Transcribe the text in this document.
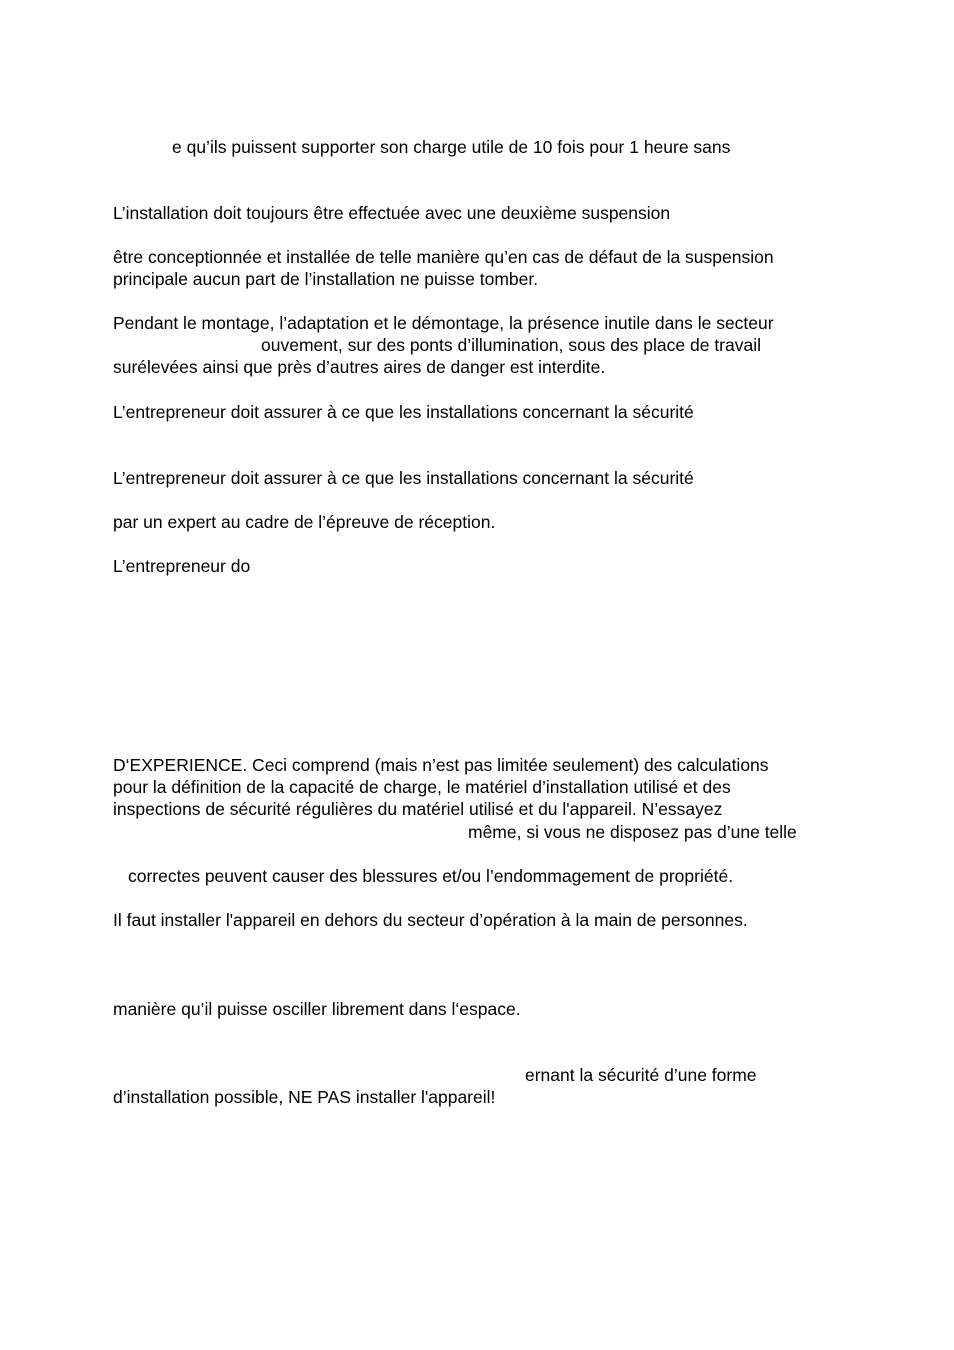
e qu’ils puissent supporter son charge utile de 10 fois pour 1 heure sans

L’installation doit toujours être effectuée avec une deuxième suspension

être conceptionnée et installée de telle manière qu’en cas de défaut de la suspension

principale aucun part de l’installation ne puisse tomber.

Pendant le montage, l’adaptation et le démontage, la présence inutile dans le secteur

ouvement, sur des ponts d’illumination, sous des place de travail

surélevées ainsi que près d’autres aires de danger est interdite.

L’entrepreneur doit assurer à ce que les installations concernant la sécurité

L’entrepreneur doit assurer à ce que les installations concernant la sécurité

par un expert au cadre de l’épreuve de réception.

L’entrepreneur do

D‘EXPERIENCE. Ceci comprend (mais n’est pas limitée seulement) des calculations

pour la définition de la capacité de charge, le matériel d’installation utilisé et des

inspections de sécurité régulières du matériel utilisé et du l'appareil. N’essayez

même, si vous ne disposez pas d’une telle

correctes peuvent causer des blessures et/ou l’endommagement de propriété.

Il faut installer l'appareil en dehors du secteur d’opération à la main de personnes.

manière qu’il puisse osciller librement dans l‘espace.

ernant la sécurité d’une forme

d’installation possible, NE PAS installer l'appareil!
